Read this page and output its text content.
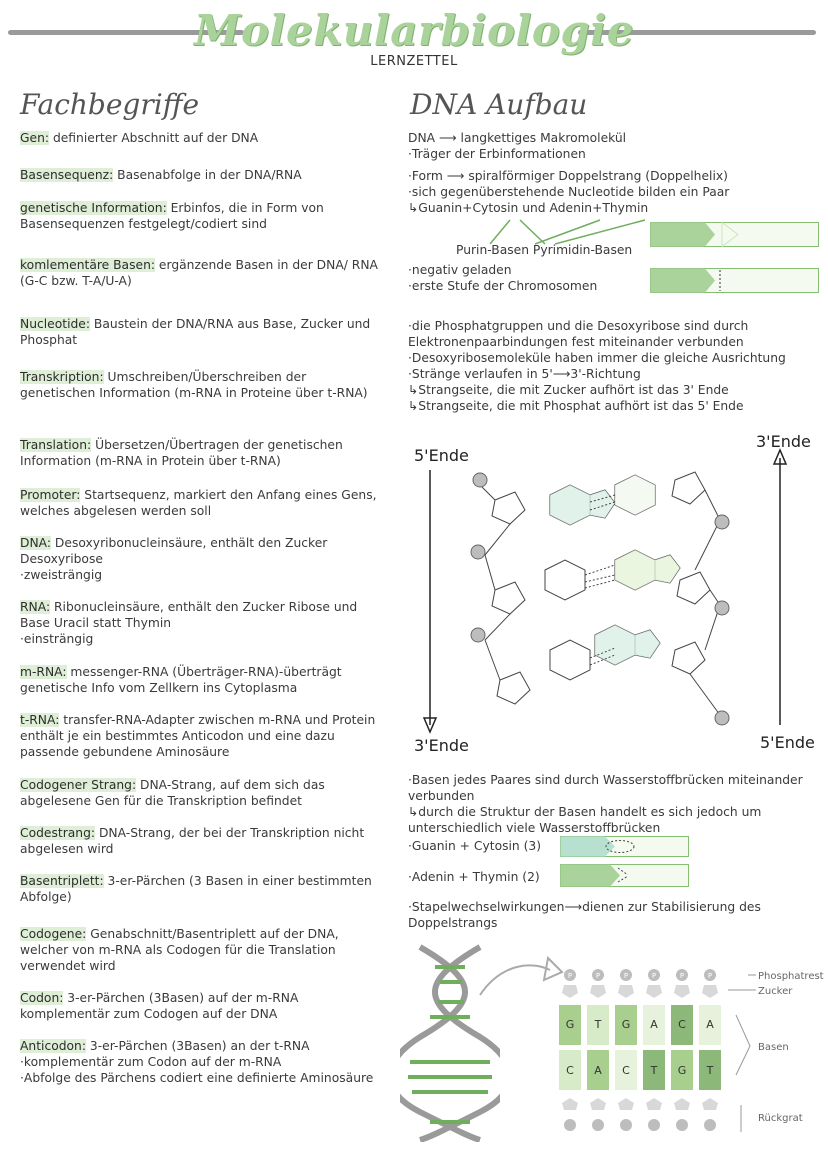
Molekularbiologie
LERNZETTEL
Fachbegriffe
Gen: definierter Abschnitt auf der DNA
Basensequenz: Basenabfolge in der DNA/RNA
genetische Information: Erbinfos, die in Form von Basensequenzen festgelegt/codiert sind
komlementäre Basen: ergänzende Basen in der DNA/ RNA (G-C bzw. T-A/U-A)
Nucleotide: Baustein der DNA/RNA aus Base, Zucker und Phosphat
Transkription: Umschreiben/Überschreiben der genetischen Information (m-RNA in Proteine über t-RNA)
Translation: Übersetzen/Übertragen der genetischen Information (m-RNA in Protein über t-RNA)
Promoter: Startsequenz, markiert den Anfang eines Gens, welches abgelesen werden soll
DNA: Desoxyribonucleinsäure, enthält den Zucker Desoxyribose
·zweisträngig
RNA: Ribonucleinsäure, enthält den Zucker Ribose und Base Uracil statt Thymin
·einsträngig
m-RNA: messenger-RNA (Überträger-RNA)-überträgt genetische Info vom Zellkern ins Cytoplasma
t-RNA: transfer-RNA-Adapter zwischen m-RNA und Protein enthält je ein bestimmtes Anticodon und eine dazu passende gebundene Aminosäure
Codogener Strang: DNA-Strang, auf dem sich das abgelesene Gen für die Transkription befindet
Codestrang: DNA-Strang, der bei der Transkription nicht abgelesen wird
Basentriplett: 3-er-Pärchen (3 Basen in einer bestimmten Abfolge)
Codogene: Genabschnitt/Basentriplett auf der DNA, welcher von m-RNA als Codogen für die Translation verwendet wird
Codon: 3-er-Pärchen (3Basen) auf der m-RNA komplementär zum Codogen auf der DNA
Anticodon: 3-er-Pärchen (3Basen) an der t-RNA
·komplementär zum Codon auf der m-RNA
·Abfolge des Pärchens codiert eine definierte Aminosäure
DNA Aufbau
DNA ⟶ langkettiges Makromolekül
·Träger der Erbinformationen
·Form ⟶ spiralförmiger Doppelstrang (Doppelhelix)
·sich gegenüberstehende Nucleotide bilden ein Paar
↳Guanin+Cytosin und Adenin+Thymin
Purin-Basen Pyrimidin-Basen
·negativ geladen
·erste Stufe der Chromosomen
·die Phosphatgruppen und die Desoxyribose sind durch Elektronenpaarbindungen fest miteinander verbunden
·Desoxyribosemoleküle haben immer die gleiche Ausrichtung
·Stränge verlaufen in 5'⟶3'-Richtung
↳Strangseite, die mit Zucker aufhört ist das 3' Ende
↳Strangseite, die mit Phosphat aufhört ist das 5' Ende
5'Ende
3'Ende
3'Ende	5'Ende
·Basen jedes Paares sind durch Wasserstoffbrücken miteinander verbunden
↳durch die Struktur der Basen handelt es sich jedoch um unterschiedlich viele Wasserstoffbrücken
·Guanin + Cytosin (3)
·Adenin + Thymin (2)
·Stapelwechselwirkungen⟶dienen zur Stabilisierung des Doppelstrangs
P
G
C
P
T
A
P
G
C
P
A
T
P
C
G
P
A
T
Phosphatrest
Zucker
Basen
Rückgrat
